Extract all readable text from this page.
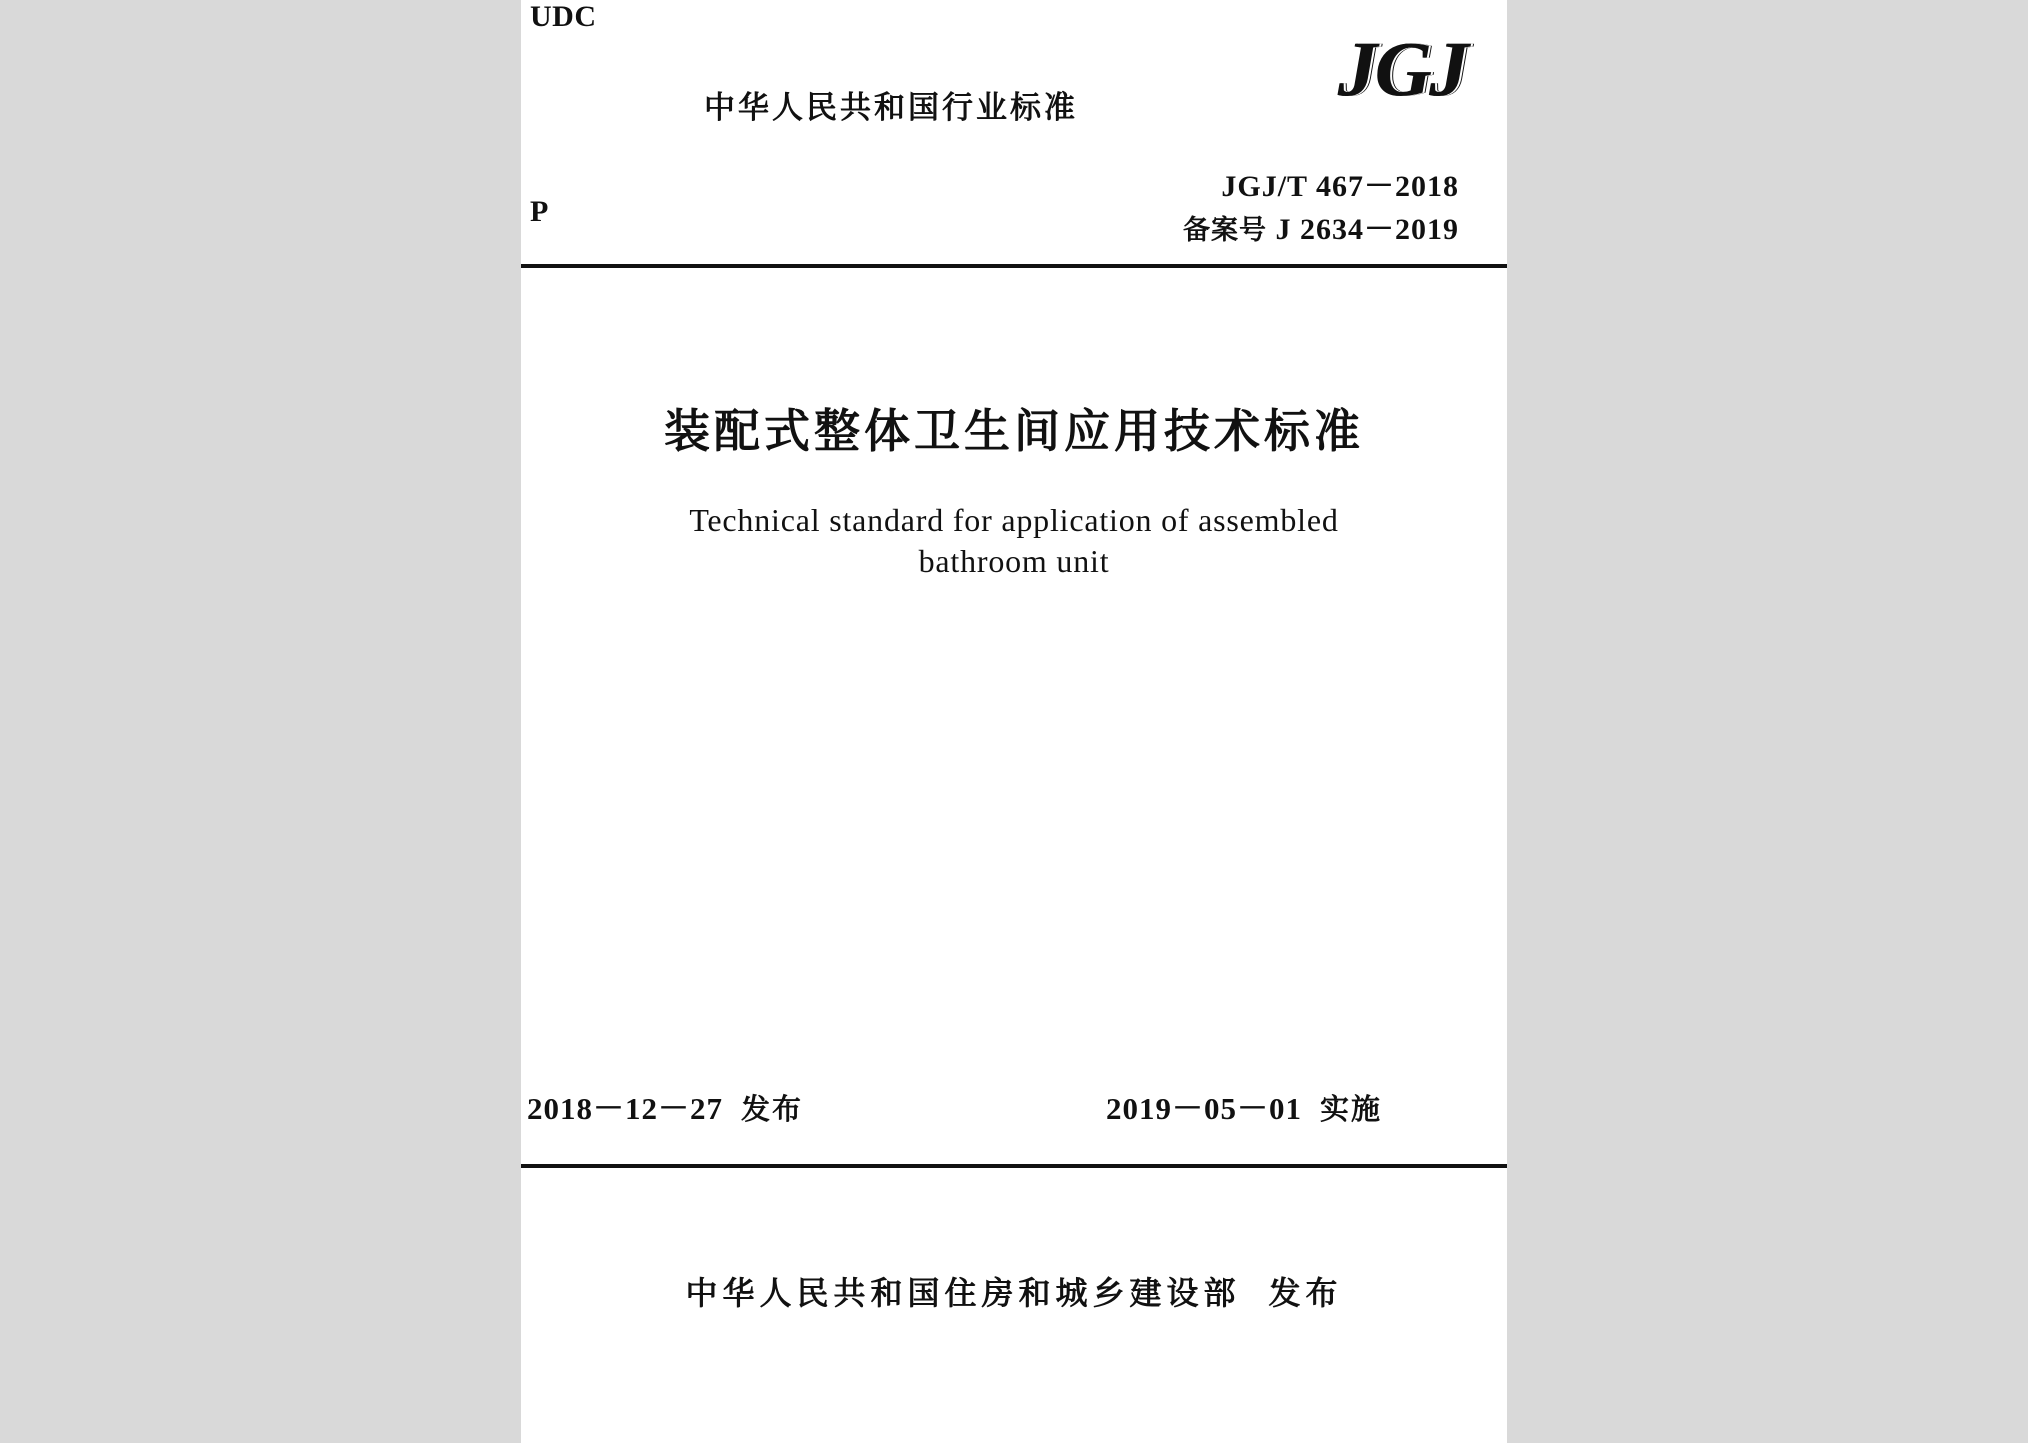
UDC
P
中华人民共和国行业标准	JGJ
JGJ/T 467－2018
备案号 J 2634－2019
装配式整体卫生间应用技术标准
Technical standard for application of assembled
bathroom unit
2018－12－27 发布	2019－05－01 实施
中华人民共和国住房和城乡建设部 发布
